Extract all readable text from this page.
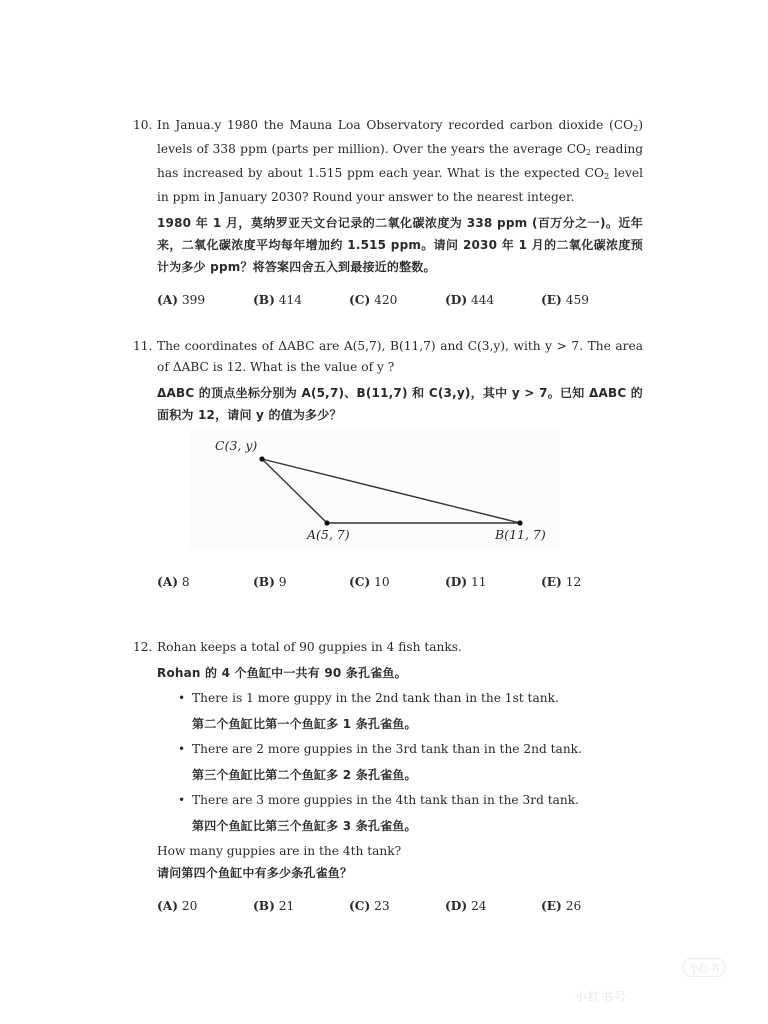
10. In Janua.y 1980 the Mauna Loa Observatory recorded carbon dioxide $(CO_2)$ levels of 338 ppm (parts per million). Over the years the average $CO_2$ reading has increased by about 1.515 ppm each year. What is the expected $CO_2$ level in ppm in January 2030? Round your answer to the nearest integer.

1980 年 1 月，莫纳罗亚天文台记录的二氧化碳浓度为 338 ppm (百万分之一)。近年来，二氧化碳浓度平均每年增加约 1.515 ppm。请问 2030 年 1 月的二氧化碳浓度预计为多少 ppm？将答案四舍五入到最接近的整数。

(A) 399	(B) 414	(C) 420	(D) 444	(E) 459
11. The coordinates of ΔABC are A(5,7), B(11,7) and C(3,y), with y > 7. The area of ΔABC is 12. What is the value of y ?

ΔABC 的顶点坐标分别为 A(5,7)、B(11,7) 和 C(3,y)，其中 y > 7。已知 ΔABC 的面积为 12，请问 y 的值为多少？

C(3, y)
A(5, 7)	B(11, 7)
(A) 8	(B) 9	(C) 10	(D) 11	(E) 12
12. Rohan keeps a total of 90 guppies in 4 fish tanks.

Rohan 的 4 个鱼缸中一共有 90 条孔雀鱼。

• There is 1 more guppy in the 2nd tank than in the 1st tank.
第二个鱼缸比第一个鱼缸多 1 条孔雀鱼。
• There are 2 more guppies in the 3rd tank than in the 2nd tank.
第三个鱼缸比第二个鱼缸多 2 条孔雀鱼。
• There are 3 more guppies in the 4th tank than in the 3rd tank.
第四个鱼缸比第三个鱼缸多 3 条孔雀鱼。

How many guppies are in the 4th tank?

请问第四个鱼缸中有多少条孔雀鱼？

(A) 20	(B) 21	(C) 23	(D) 24	(E) 26
小红书
小红书号
